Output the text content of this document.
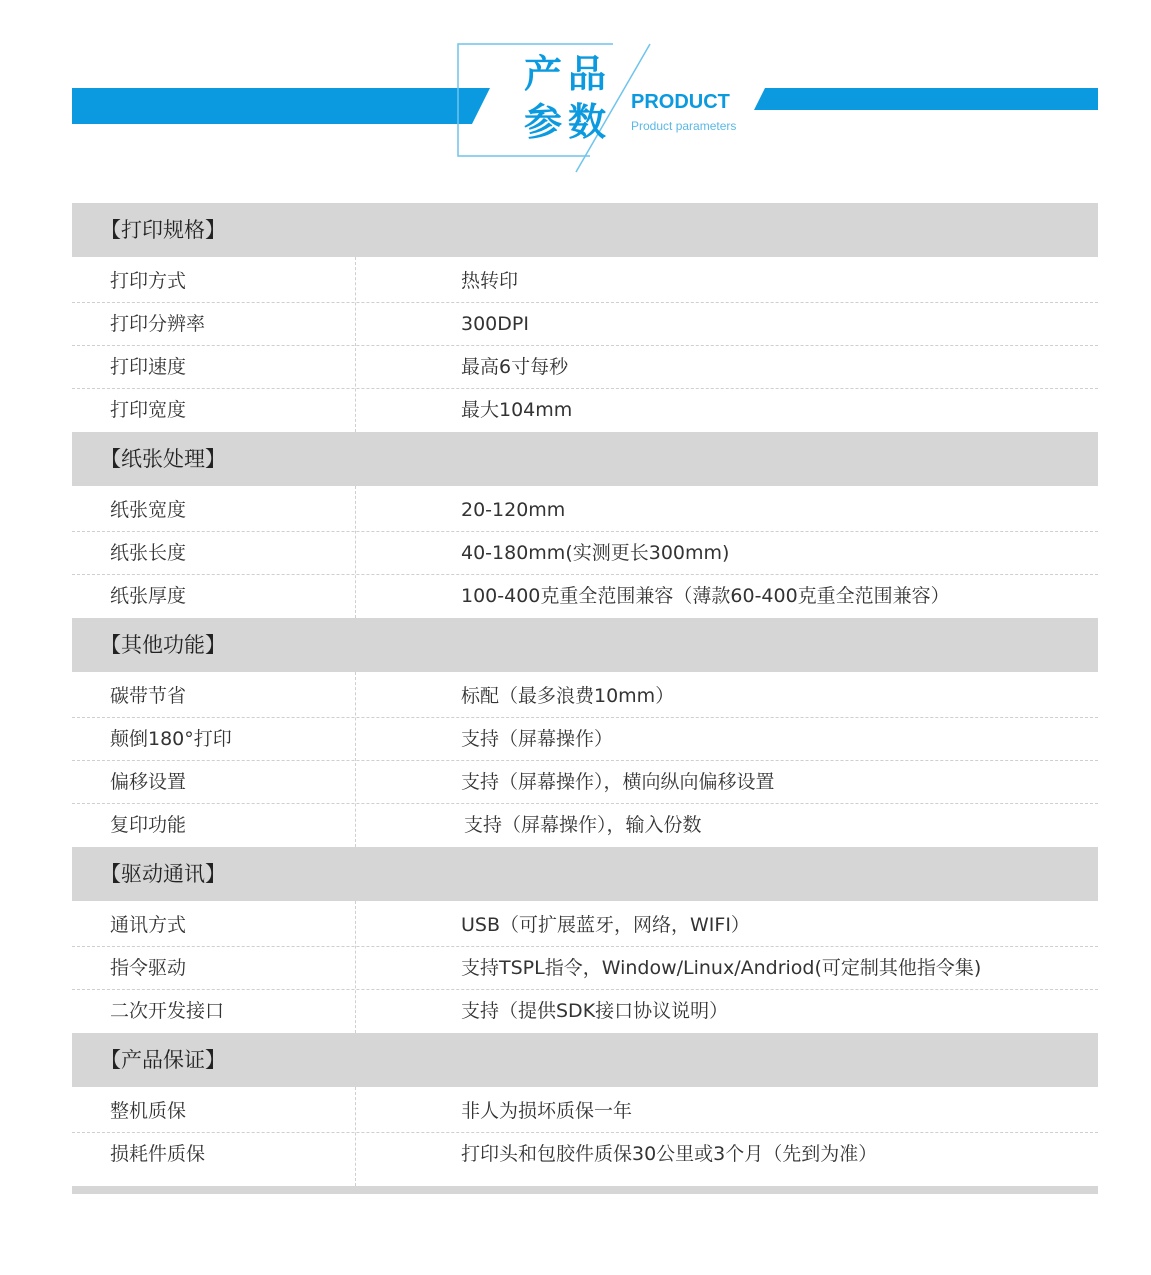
产品
参数 PRODUCT
Product parameters
【打印规格】
打印方式	热转印
打印分辨率	300DPI
打印速度	最高6寸每秒
打印宽度	最大104mm
【纸张处理】
纸张宽度	20-120mm
纸张长度	40-180mm(实测更长300mm)
纸张厚度	100-400克重全范围兼容（薄款60-400克重全范围兼容）
【其他功能】
碳带节省	标配（最多浪费10mm）
颠倒180°打印	支持（屏幕操作）
偏移设置	支持（屏幕操作），横向纵向偏移设置
复印功能	支持（屏幕操作），输入份数
【驱动通讯】
通讯方式	USB（可扩展蓝牙，网络，WIFI）
指令驱动	支持TSPL指令，Window/Linux/Andriod(可定制其他指令集)
二次开发接口	支持（提供SDK接口协议说明）
【产品保证】
整机质保	非人为损坏质保一年
损耗件质保	打印头和包胶件质保30公里或3个月（先到为准）
